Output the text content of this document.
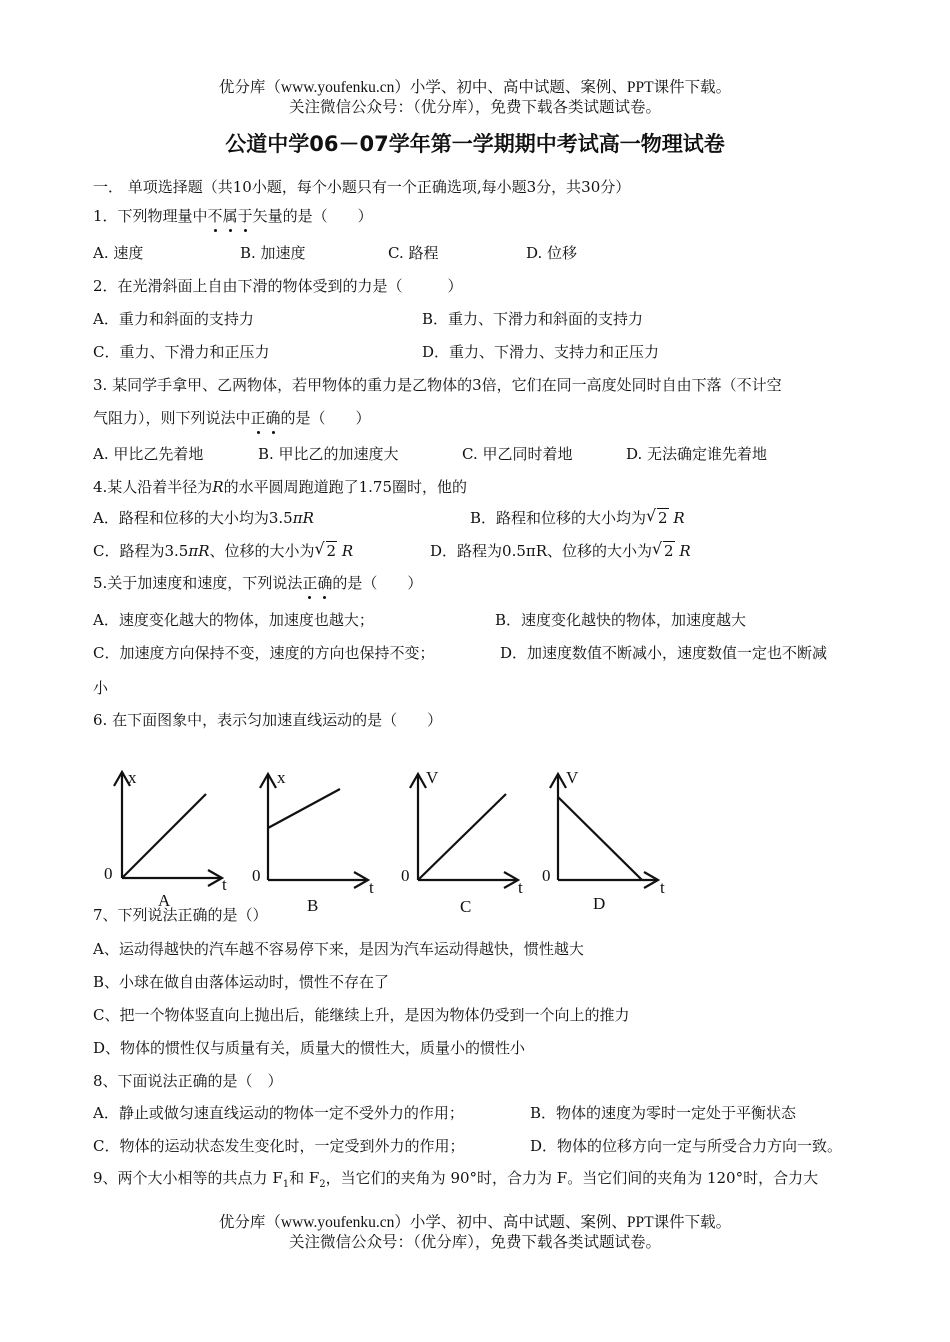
优分库（www.youfenku.cn）小学、初中、高中试题、案例、PPT课件下载。
关注微信公众号：（优分库），免费下载各类试题试卷。
公道中学06－07学年第一学期期中考试高一物理试卷
一． 单项选择题（共10小题，每个小题只有一个正确选项,每小题3分，共30分）
1．下列物理量中不属于矢量的是（　　）
A. 速度	B. 加速度	C. 路程	D. 位移
2．在光滑斜面上自由下滑的物体受到的力是（　　　）
A．重力和斜面的支持力	B．重力、下滑力和斜面的支持力
C．重力、下滑力和正压力	D．重力、下滑力、支持力和正压力
3. 某同学手拿甲、乙两物体，若甲物体的重力是乙物体的3倍，它们在同一高度处同时自由下落（不计空
气阻力），则下列说法中正确的是（　　）
A. 甲比乙先着地	B. 甲比乙的加速度大	C. 甲乙同时着地	D. 无法确定谁先着地
4.某人沿着半径为R的水平圆周跑道跑了1.75圈时，他的
A．路程和位移的大小均为3.5πR	B．路程和位移的大小均为 √ 2 R
C．路程为3.5πR、位移的大小为 √ 2 R	D．路程为0.5πR、位移的大小为 √ 2 R
5.关于加速度和速度，下列说法正确的是（　　）
A．速度变化越大的物体，加速度也越大；	B．速度变化越快的物体，加速度越大
C．加速度方向保持不变，速度的方向也保持不变；	D．加速度数值不断减小，速度数值一定也不断减
小
6. 在下面图象中，表示匀加速直线运动的是（　　）
x
0
t
A
x
0
t
B
V
0
t
C
V
0
t
D
7、下列说法正确的是（）
A、运动得越快的汽车越不容易停下来，是因为汽车运动得越快，惯性越大
B、小球在做自由落体运动时，惯性不存在了
C、把一个物体竖直向上抛出后，能继续上升，是因为物体仍受到一个向上的推力
D、物体的惯性仅与质量有关，质量大的惯性大，质量小的惯性小
8、下面说法正确的是（　）
A．静止或做匀速直线运动的物体一定不受外力的作用；	B．物体的速度为零时一定处于平衡状态
C．物体的运动状态发生变化时，一定受到外力的作用；	D．物体的位移方向一定与所受合力方向一致。
9、两个大小相等的共点力 $F_1$和 $F_2$，当它们的夹角为 90°时，合力为 F。当它们间的夹角为 120°时，合力大
优分库（www.youfenku.cn）小学、初中、高中试题、案例、PPT课件下载。
关注微信公众号：（优分库），免费下载各类试题试卷。
